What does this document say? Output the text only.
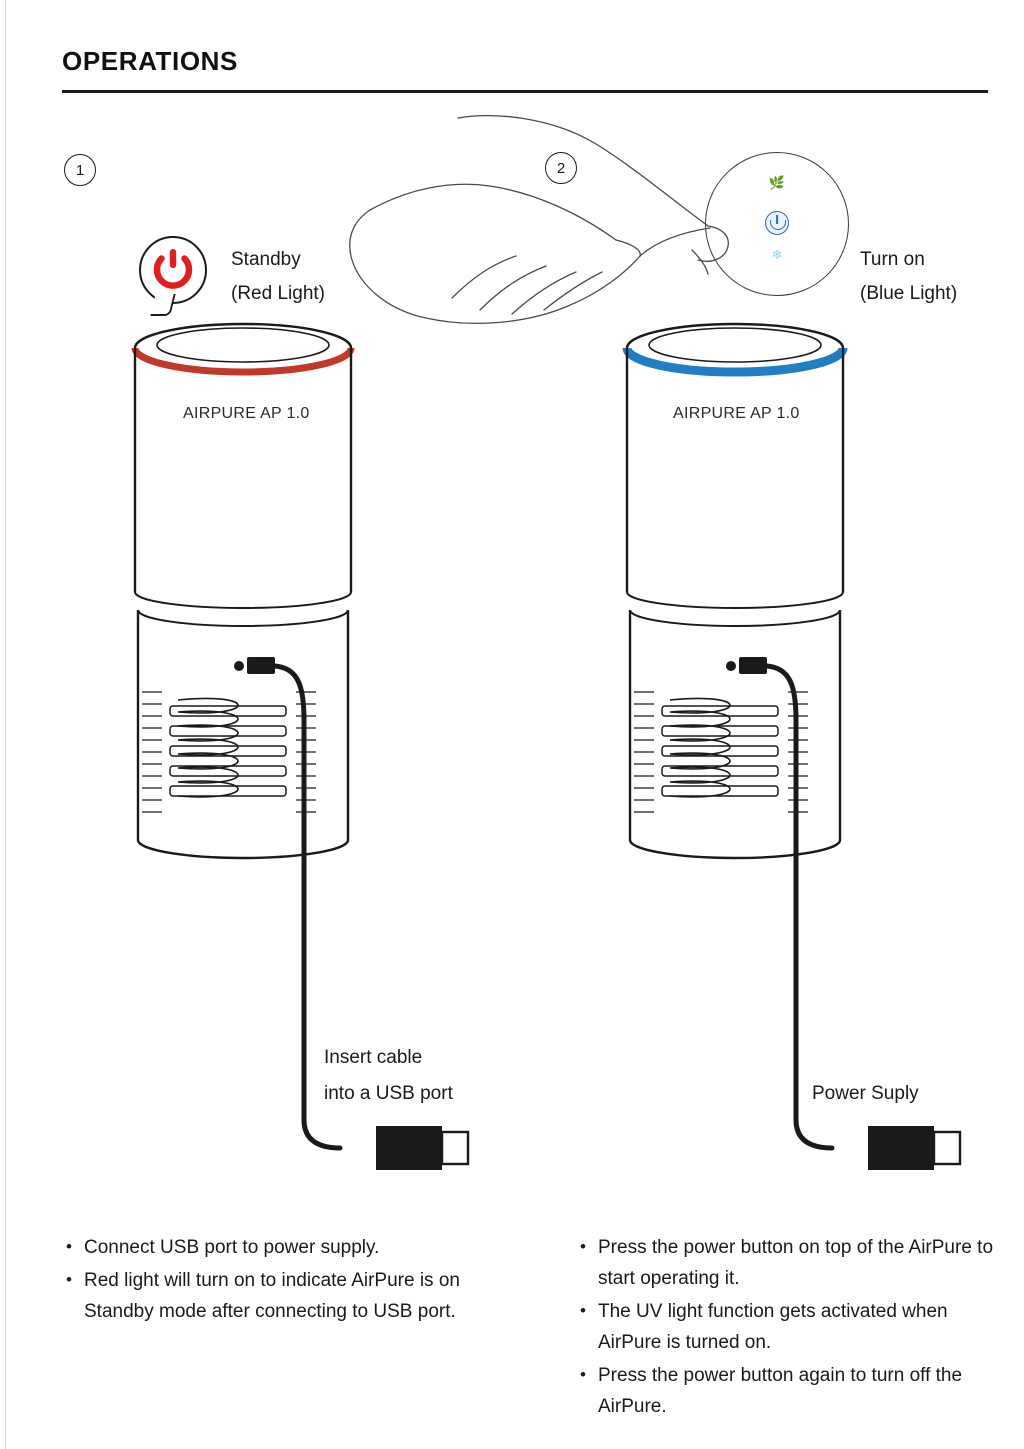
OPERATIONS
1	2
Standby
(Red Light)
🌿
❄	Turn on
(Blue Light)
AIRPURE AP 1.0	AIRPURE AP 1.0
Insert cable
into a USB port	Power Suply
• Connect USB port to power supply.
• Red light will turn on to indicate AirPure is on Standby mode after connecting to USB port.
• Press the power button on top of the AirPure to start operating it.
• The UV light function gets activated when AirPure is turned on.
• Press the power button again to turn off the AirPure.
